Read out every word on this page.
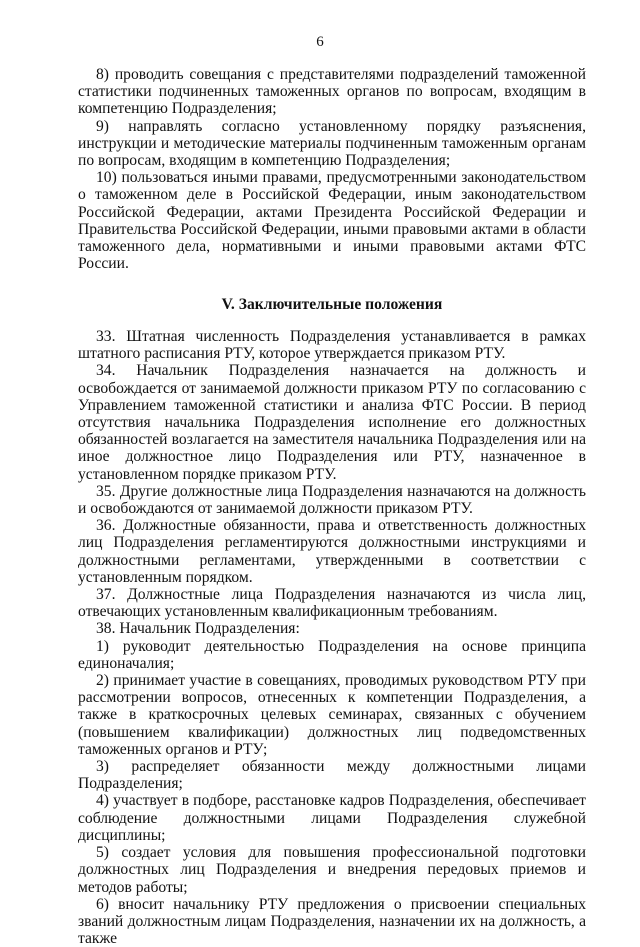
6

8) проводить совещания с представителями подразделений таможенной статистики подчиненных таможенных органов по вопросам, входящим в компетенцию Подразделения;

9) направлять согласно установленному порядку разъяснения, инструкции и методические материалы подчиненным таможенным органам по вопросам, входящим в компетенцию Подразделения;

10) пользоваться иными правами, предусмотренными законодательством о таможенном деле в Российской Федерации, иным законодательством Российской Федерации, актами Президента Российской Федерации и Правительства Российской Федерации, иными правовыми актами в области таможенного дела, нормативными и иными правовыми актами ФТС России.

V. Заключительные положения

33. Штатная численность Подразделения устанавливается в рамках штатного расписания РТУ, которое утверждается приказом РТУ.

34. Начальник Подразделения назначается на должность и освобождается от занимаемой должности приказом РТУ по согласованию с Управлением таможенной статистики и анализа ФТС России. В период отсутствия начальника Подразделения исполнение его должностных обязанностей возлагается на заместителя начальника Подразделения или на иное должностное лицо Подразделения или РТУ, назначенное в установленном порядке приказом РТУ.

35. Другие должностные лица Подразделения назначаются на должность и освобождаются от занимаемой должности приказом РТУ.

36. Должностные обязанности, права и ответственность должностных лиц Подразделения регламентируются должностными инструкциями и должностными регламентами, утвержденными в соответствии с установленным порядком.

37. Должностные лица Подразделения назначаются из числа лиц, отвечающих установленным квалификационным требованиям.

38. Начальник Подразделения:

1) руководит деятельностью Подразделения на основе принципа единоначалия;

2) принимает участие в совещаниях, проводимых руководством РТУ при рассмотрении вопросов, отнесенных к компетенции Подразделения, а также в краткосрочных целевых семинарах, связанных с обучением (повышением квалификации) должностных лиц подведомственных таможенных органов и РТУ;

3) распределяет обязанности между должностными лицами Подразделения;

4) участвует в подборе, расстановке кадров Подразделения, обеспечивает соблюдение должностными лицами Подразделения служебной дисциплины;

5) создает условия для повышения профессиональной подготовки должностных лиц Подразделения и внедрения передовых приемов и методов работы;

6) вносит начальнику РТУ предложения о присвоении специальных званий должностным лицам Подразделения, назначении их на должность, а также
